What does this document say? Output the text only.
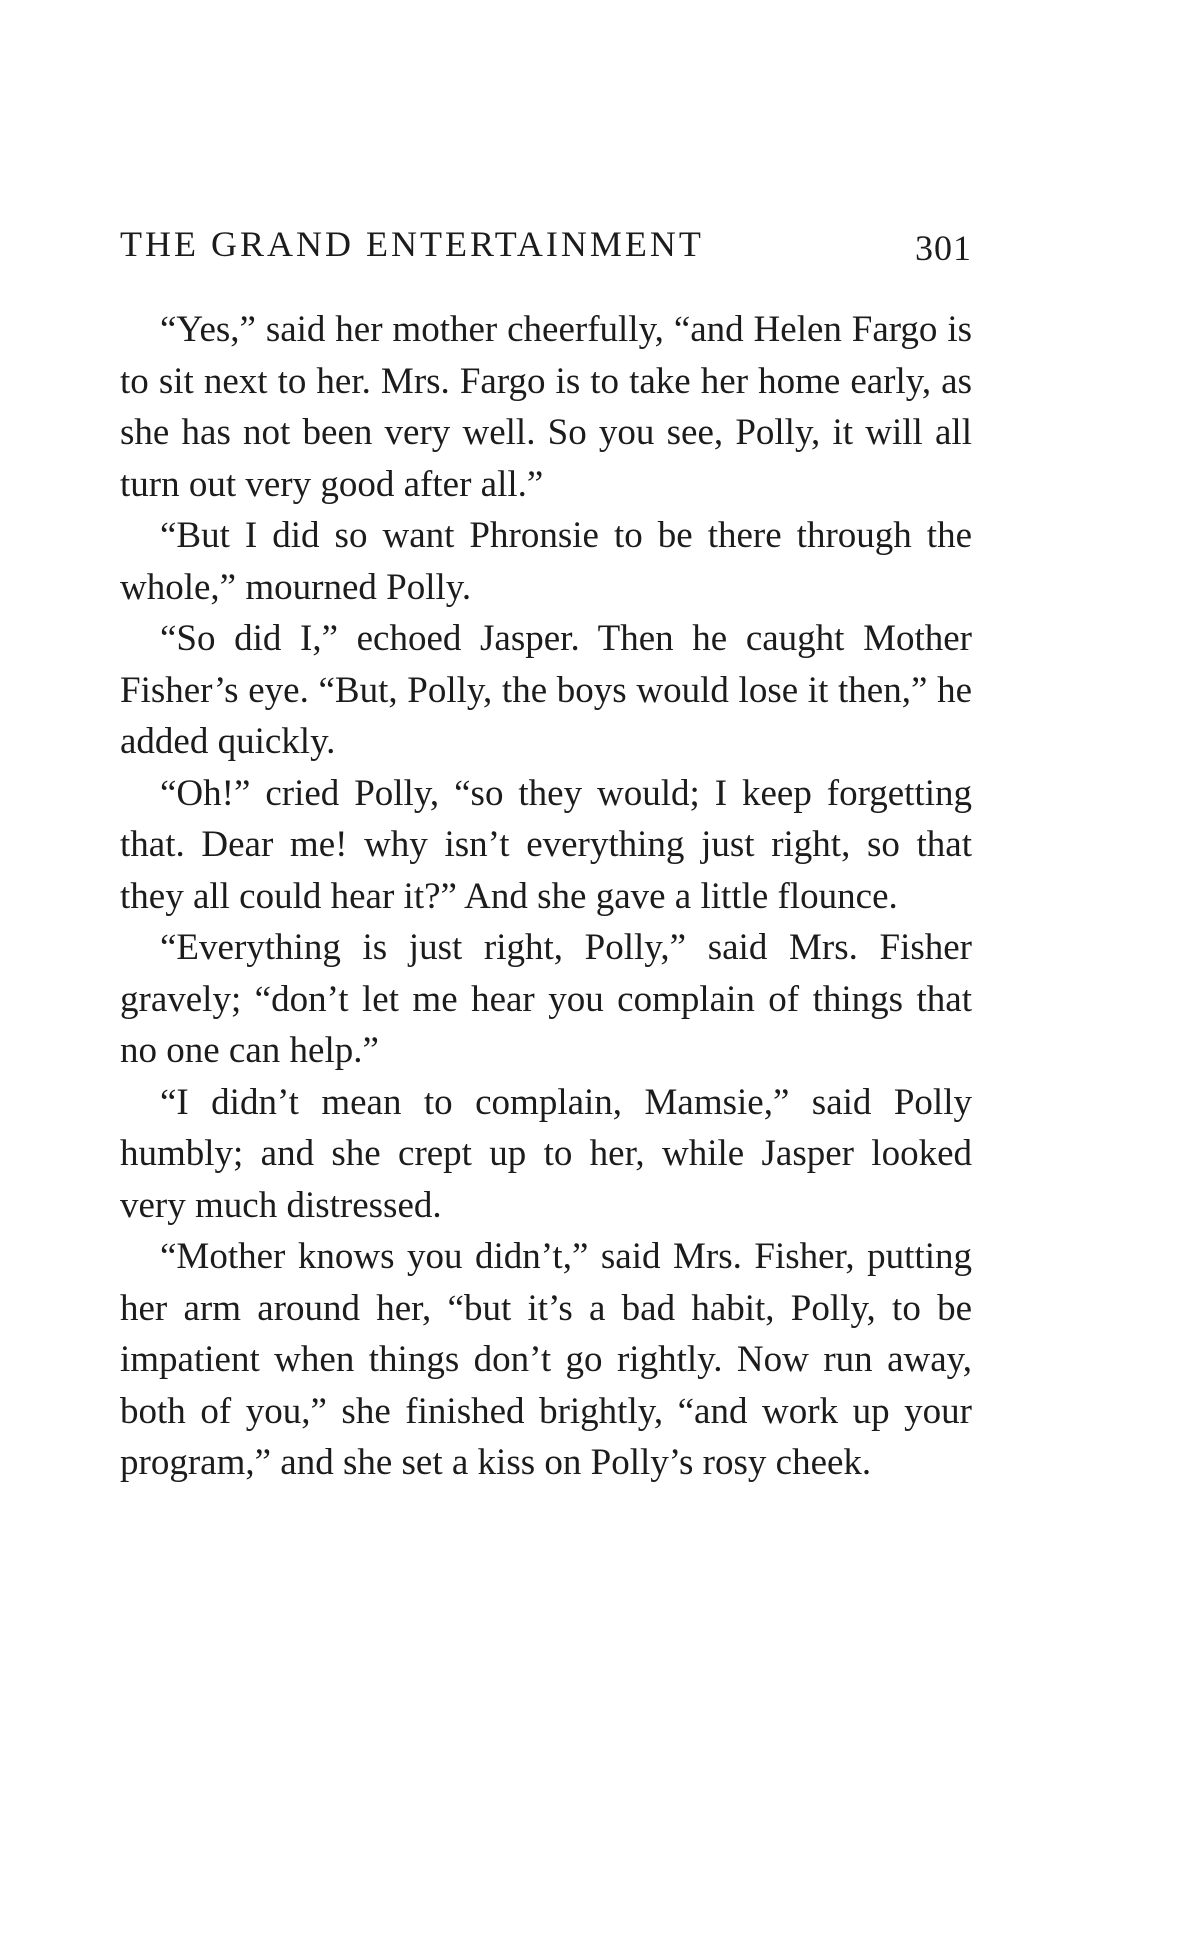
THE GRAND ENTERTAINMENT	301

“Yes,” said her mother cheerfully, “and Helen Fargo is to sit next to her. Mrs. Fargo is to take her home early, as she has not been very well. So you see, Polly, it will all turn out very good after all.”

“But I did so want Phronsie to be there through the whole,” mourned Polly.

“So did I,” echoed Jasper. Then he caught Mother Fisher’s eye. “But, Polly, the boys would lose it then,” he added quickly.

“Oh!” cried Polly, “so they would; I keep forgetting that. Dear me! why isn’t everything just right, so that they all could hear it?” And she gave a little flounce.

“Everything is just right, Polly,” said Mrs. Fisher gravely; “don’t let me hear you complain of things that no one can help.”

“I didn’t mean to complain, Mamsie,” said Polly humbly; and she crept up to her, while Jasper looked very much distressed.

“Mother knows you didn’t,” said Mrs. Fisher, putting her arm around her, “but it’s a bad habit, Polly, to be impatient when things don’t go rightly. Now run away, both of you,” she finished brightly, “and work up your program,” and she set a kiss on Polly’s rosy cheek.
